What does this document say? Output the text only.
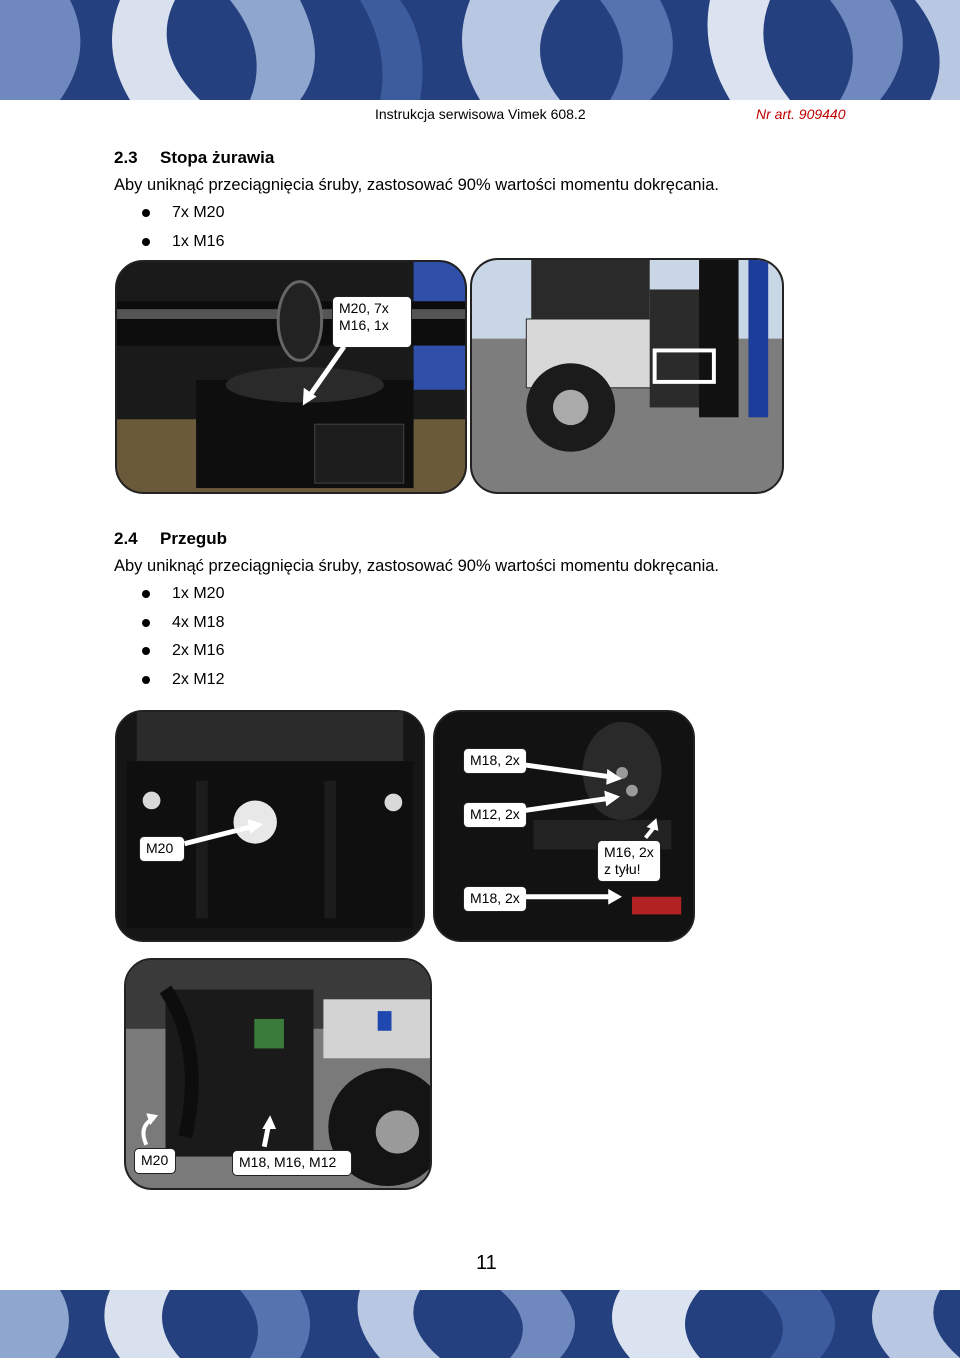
Instrukcja serwisowa Vimek 608.2	Nr art. 909440
2.3 Stopa żurawia
Aby uniknąć przeciągnięcia śruby, zastosować 90% wartości momentu dokręcania.
7x M20
1x M16
M20, 7x
M16, 1x
2.4 Przegub
Aby uniknąć przeciągnięcia śruby, zastosować 90% wartości momentu dokręcania.
1x M20
4x M18
2x M16
2x M12
M20
M18, 2x
M12, 2x
M16, 2x
z tyłu!
M18, 2x
M20	M18, M16, M12
11
